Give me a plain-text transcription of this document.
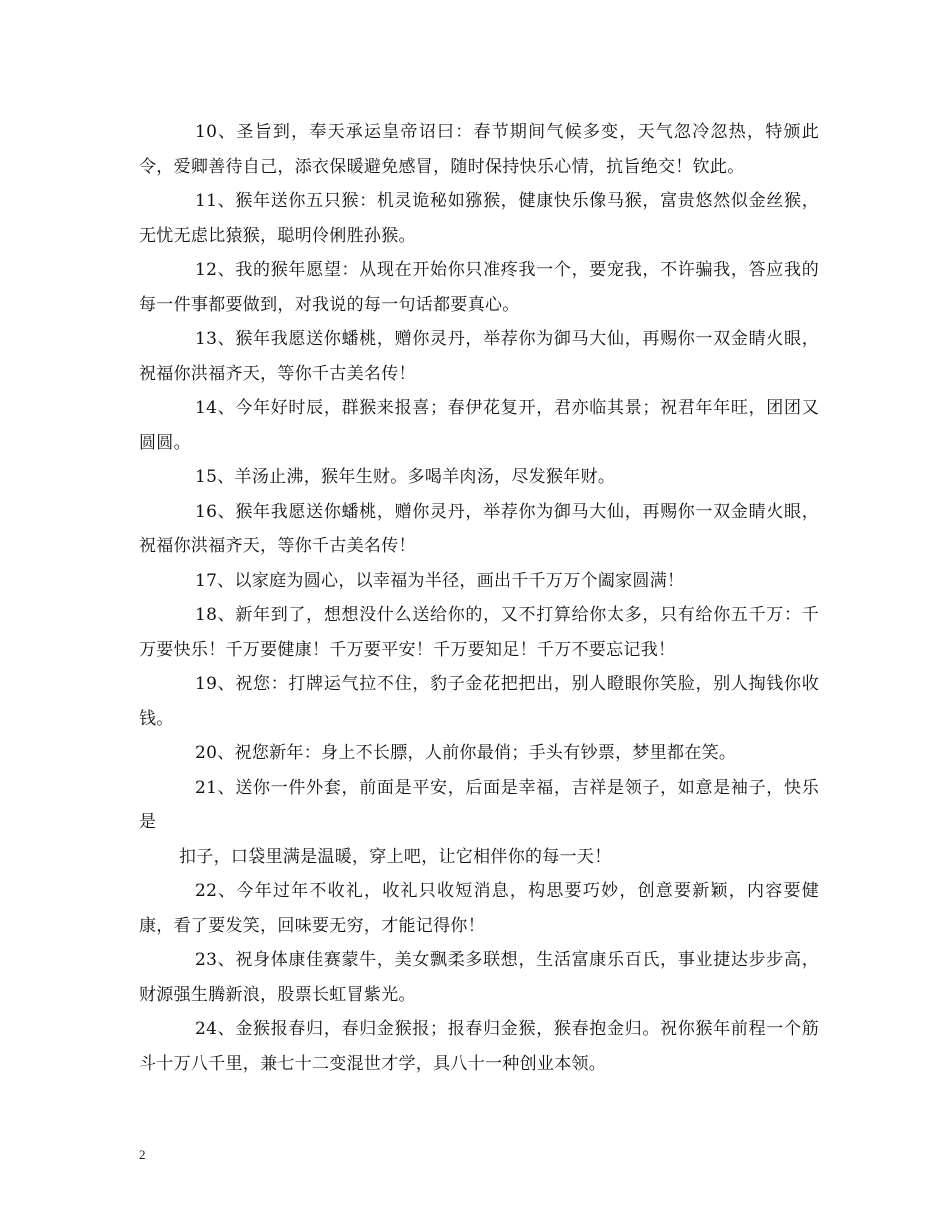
10、圣旨到，奉天承运皇帝诏曰：春节期间气候多变，天气忽冷忽热，特颁此令，爱卿善待自己，添衣保暖避免感冒，随时保持快乐心情，抗旨绝交！钦此。

11、猴年送你五只猴：机灵诡秘如猕猴，健康快乐像马猴，富贵悠然似金丝猴，无忧无虑比猿猴，聪明伶俐胜孙猴。

12、我的猴年愿望：从现在开始你只准疼我一个，要宠我，不许骗我，答应我的每一件事都要做到，对我说的每一句话都要真心。

13、猴年我愿送你蟠桃，赠你灵丹，举荐你为御马大仙，再赐你一双金睛火眼，祝福你洪福齐天，等你千古美名传！

14、今年好时辰，群猴来报喜；春伊花复开，君亦临其景；祝君年年旺，团团又圆圆。

15、羊汤止沸，猴年生财。多喝羊肉汤，尽发猴年财。

16、猴年我愿送你蟠桃，赠你灵丹，举荐你为御马大仙，再赐你一双金睛火眼，祝福你洪福齐天，等你千古美名传！

17、以家庭为圆心，以幸福为半径，画出千千万万个阖家圆满！

18、新年到了，想想没什么送给你的，又不打算给你太多，只有给你五千万：千万要快乐！千万要健康！千万要平安！千万要知足！千万不要忘记我！

19、祝您：打牌运气拉不住，豹子金花把把出，别人瞪眼你笑脸，别人掏钱你收钱。

20、祝您新年：身上不长膘，人前你最俏；手头有钞票，梦里都在笑。

21、送你一件外套，前面是平安，后面是幸福，吉祥是领子，如意是袖子，快乐是

扣子，口袋里满是温暖，穿上吧，让它相伴你的每一天！

22、今年过年不收礼，收礼只收短消息，构思要巧妙，创意要新颖，内容要健康，看了要发笑，回味要无穷，才能记得你！

23、祝身体康佳赛蒙牛，美女飘柔多联想，生活富康乐百氏，事业捷达步步高，财源强生腾新浪，股票长虹冒紫光。

24、金猴报春归，春归金猴报；报春归金猴，猴春抱金归。祝你猴年前程一个筋斗十万八千里，兼七十二变混世才学，具八十一种创业本领。

2
